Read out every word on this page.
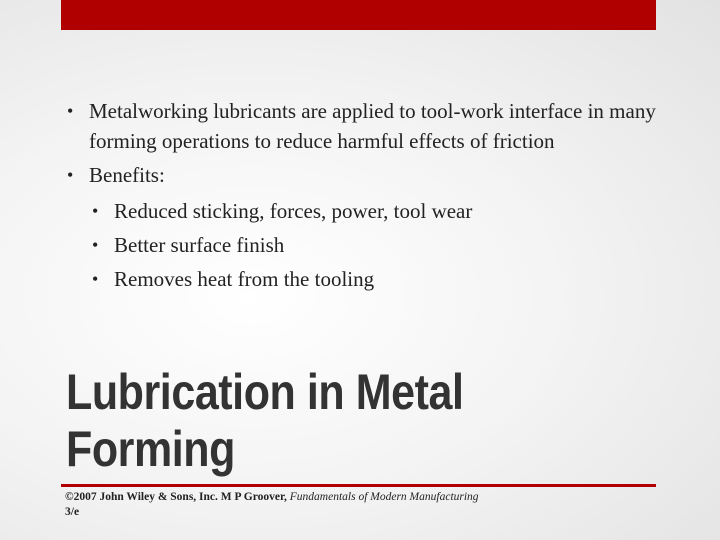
• Metalworking lubricants are applied to tool‑work interface in many forming operations to reduce harmful effects of friction
• Benefits:
• Reduced sticking, forces, power, tool wear
• Better surface finish
• Removes heat from the tooling
Lubrication in Metal
Forming
©2007 John Wiley & Sons, Inc. M P Groover, Fundamentals of Modern Manufacturing 3/e
